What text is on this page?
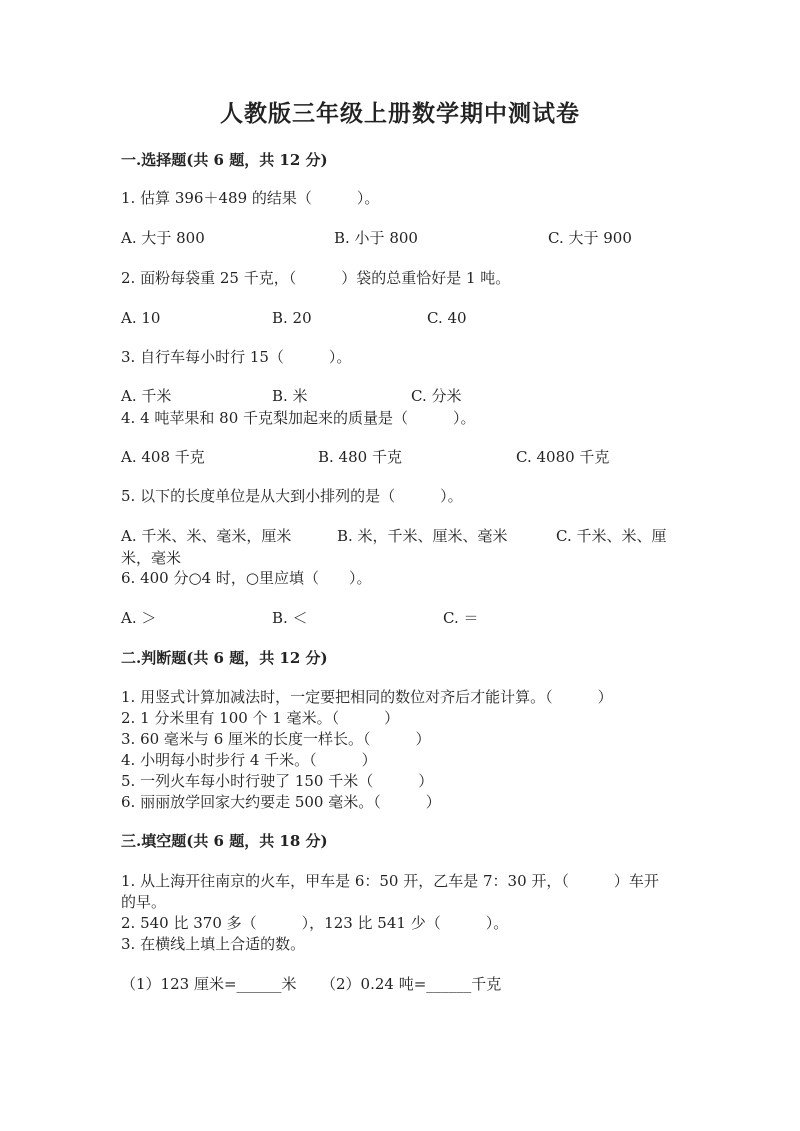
人教版三年级上册数学期中测试卷
一.选择题(共 6 题，共 12 分)
1. 估算 396＋489 的结果（　　　）。
A. 大于 800	B. 小于 800	C. 大于 900
2. 面粉每袋重 25 千克，（　　　）袋的总重恰好是 1 吨。
A. 10	B. 20	C. 40
3. 自行车每小时行 15（　　　）。
A. 千米	B. 米	C. 分米
4. 4 吨苹果和 80 千克梨加起来的质量是（　　　）。
A. 408 千克	B. 480 千克	C. 4080 千克
5. 以下的长度单位是从大到小排列的是（　　　）。
A. 千米、米、毫米，厘米	B. 米，千米、厘米、毫米	C. 千米、米、厘
米，毫米
6. 400 分○4 时，○里应填（　　）。
A. ＞	B. ＜	C. ＝
二.判断题(共 6 题，共 12 分)
1. 用竖式计算加减法时，一定要把相同的数位对齐后才能计算。（　　　）
2. 1 分米里有 100 个 1 毫米。（　　　）
3. 60 毫米与 6 厘米的长度一样长。（　　　）
4. 小明每小时步行 4 千米。（　　　）
5. 一列火车每小时行驶了 150 千米（　　　）
6. 丽丽放学回家大约要走 500 毫米。（　　　）
三.填空题(共 6 题，共 18 分)
1. 从上海开往南京的火车，甲车是 6：50 开，乙车是 7：30 开，（　　　）车开
的早。
2. 540 比 370 多（　　　），123 比 541 少（　　　）。
3. 在横线上填上合适的数。
（1）123 厘米=______米 （2）0.24 吨=______千克
